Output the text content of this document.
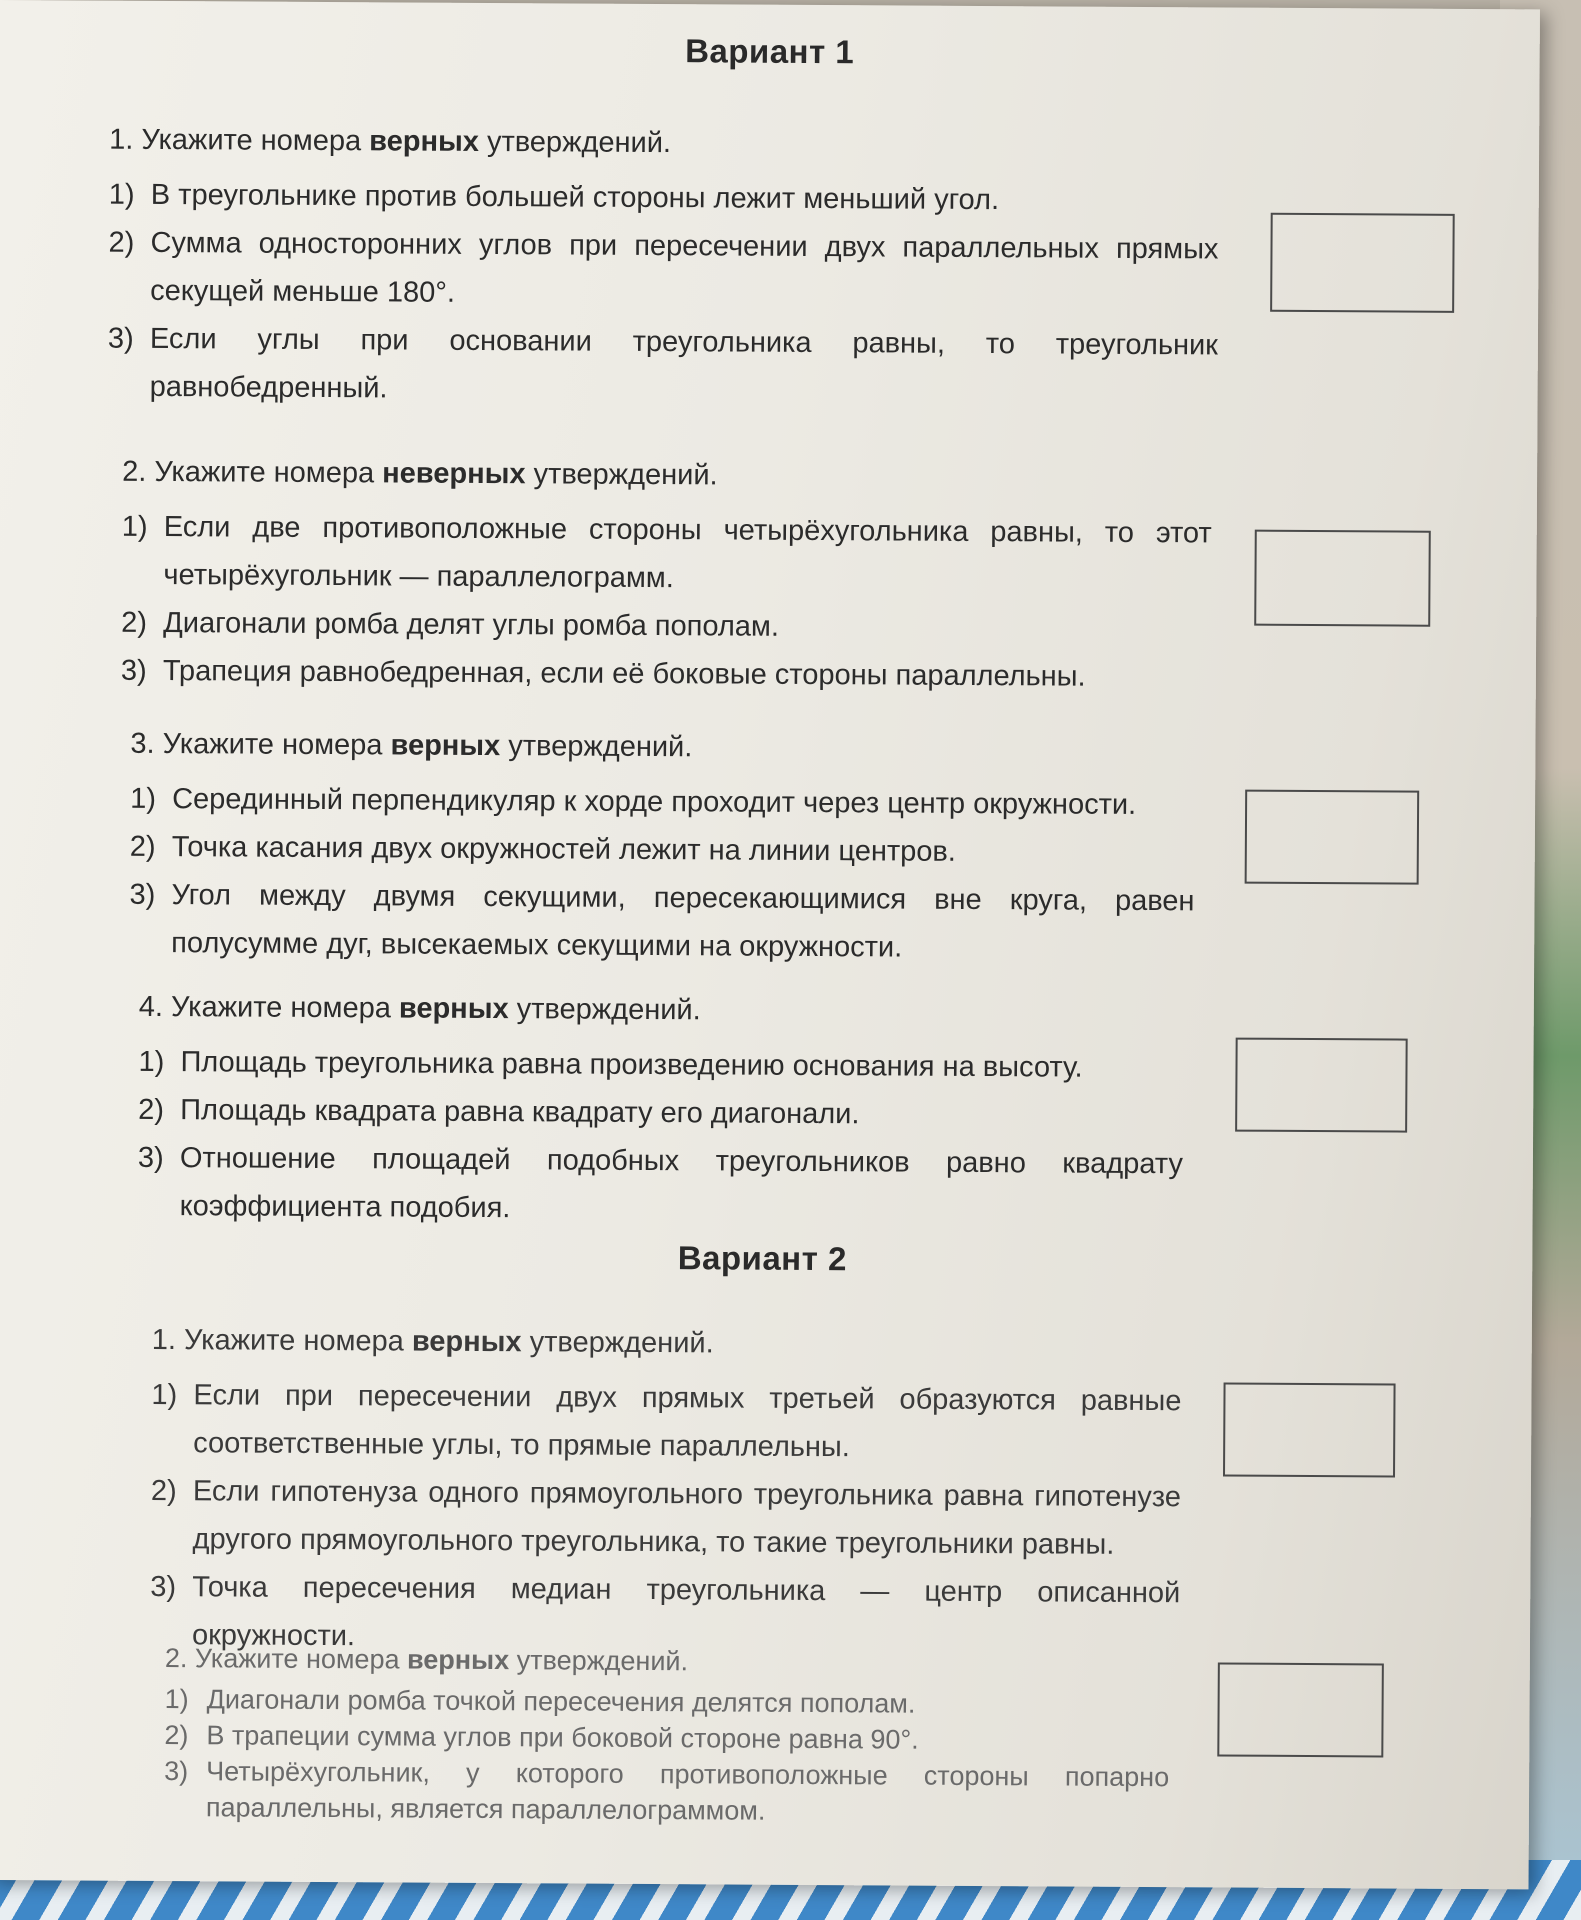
Вариант 1
1. Укажите номера верных утверждений.
1) В треугольнике против большей стороны лежит меньший угол.
2) Сумма односторонних углов при пересечении двух параллельных прямых секущей меньше 180°.
3) Если углы при основании треугольника равны, то треугольник равнобедренный.
2. Укажите номера неверных утверждений.
1) Если две противоположные стороны четырёхугольника равны, то этот четырёхугольник — параллелограмм.
2) Диагонали ромба делят углы ромба пополам.
3) Трапеция равнобедренная, если её боковые стороны параллельны.
3. Укажите номера верных утверждений.
1) Серединный перпендикуляр к хорде проходит через центр окружности.
2) Точка касания двух окружностей лежит на линии центров.
3) Угол между двумя секущими, пересекающимися вне круга, равен полусумме дуг, высекаемых секущими на окружности.
4. Укажите номера верных утверждений.
1) Площадь треугольника равна произведению основания на высоту.
2) Площадь квадрата равна квадрату его диагонали.
3) Отношение площадей подобных треугольников равно квадрату коэффициента подобия.
Вариант 2
1. Укажите номера верных утверждений.
1) Если при пересечении двух прямых третьей образуются равные соответственные углы, то прямые параллельны.
2) Если гипотенуза одного прямоугольного треугольника равна гипотенузе другого прямоугольного треугольника, то такие треугольники равны.
3) Точка пересечения медиан треугольника — центр описанной окружности.
2. Укажите номера верных утверждений.
1) Диагонали ромба точкой пересечения делятся пополам.
2) В трапеции сумма углов при боковой стороне равна 90°.
3) Четырёхугольник, у которого противоположные стороны попарно параллельны, является параллелограммом.
